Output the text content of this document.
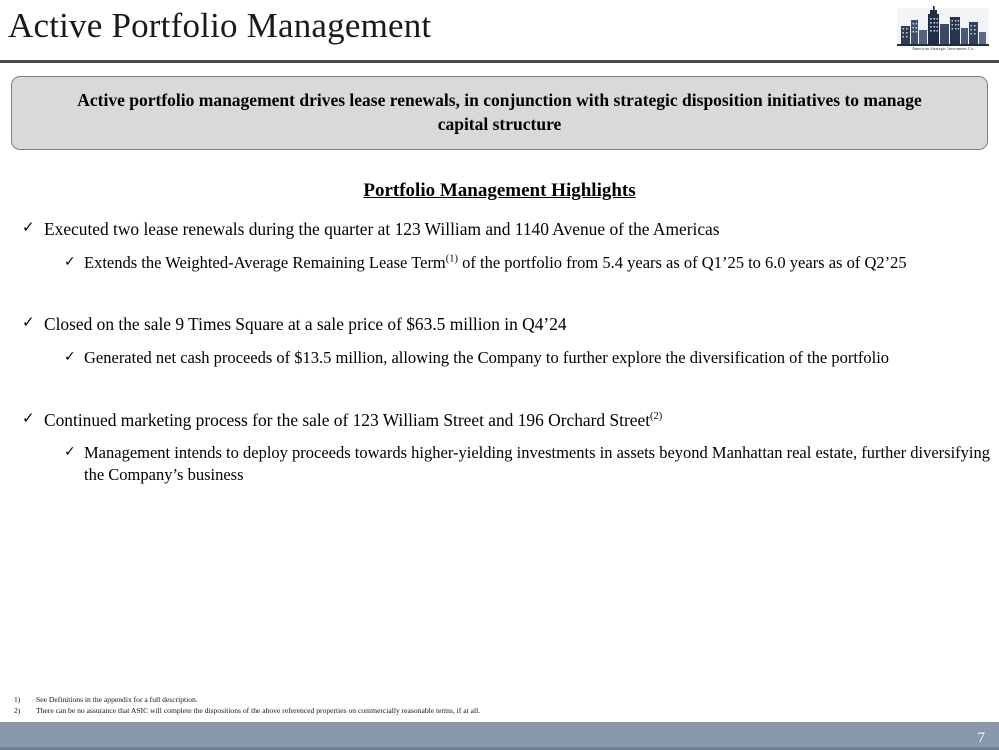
Active Portfolio Management
American Strategic Investment Co.
Active portfolio management drives lease renewals, in conjunction with strategic disposition initiatives to manage capital structure
Portfolio Management Highlights
✓ Executed two lease renewals during the quarter at 123 William and 1140 Avenue of the Americas
✓ Extends the Weighted-Average Remaining Lease Term$^{(1)}$ of the portfolio from 5.4 years as of Q1’25 to 6.0 years as of Q2’25
✓ Closed on the sale 9 Times Square at a sale price of $63.5 million in Q4’24
✓ Generated net cash proceeds of $13.5 million, allowing the Company to further explore the diversification of the portfolio
✓ Continued marketing process for the sale of 123 William Street and 196 Orchard Street$^{(2)}$
✓ Management intends to deploy proceeds towards higher-yielding investments in assets beyond Manhattan real estate, further diversifying the Company’s business
1)	See Definitions in the appendix for a full description.
2)	There can be no assurance that ASIC will complete the dispositions of the above referenced properties on commercially reasonable terms, if at all.
7
